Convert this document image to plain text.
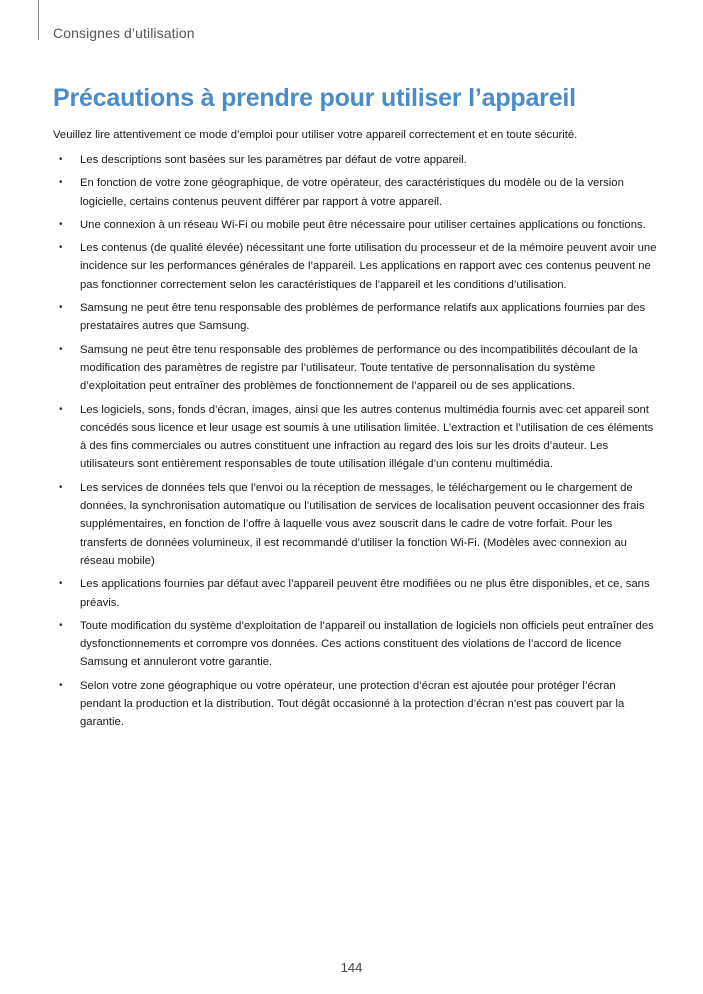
Consignes d’utilisation
Précautions à prendre pour utiliser l’appareil

Veuillez lire attentivement ce mode d’emploi pour utiliser votre appareil correctement et en toute sécurité.

• Les descriptions sont basées sur les paramètres par défaut de votre appareil.
• En fonction de votre zone géographique, de votre opérateur, des caractéristiques du modèle ou de la version logicielle, certains contenus peuvent différer par rapport à votre appareil.
• Une connexion à un réseau Wi-Fi ou mobile peut être nécessaire pour utiliser certaines applications ou fonctions.
• Les contenus (de qualité élevée) nécessitant une forte utilisation du processeur et de la mémoire peuvent avoir une incidence sur les performances générales de l’appareil. Les applications en rapport avec ces contenus peuvent ne pas fonctionner correctement selon les caractéristiques de l’appareil et les conditions d’utilisation.
• Samsung ne peut être tenu responsable des problèmes de performance relatifs aux applications fournies par des prestataires autres que Samsung.
• Samsung ne peut être tenu responsable des problèmes de performance ou des incompatibilités découlant de la modification des paramètres de registre par l’utilisateur. Toute tentative de personnalisation du système d’exploitation peut entraîner des problèmes de fonctionnement de l’appareil ou de ses applications.
• Les logiciels, sons, fonds d’écran, images, ainsi que les autres contenus multimédia fournis avec cet appareil sont concédés sous licence et leur usage est soumis à une utilisation limitée. L’extraction et l’utilisation de ces éléments à des fins commerciales ou autres constituent une infraction au regard des lois sur les droits d’auteur. Les utilisateurs sont entièrement responsables de toute utilisation illégale d’un contenu multimédia.
• Les services de données tels que l’envoi ou la réception de messages, le téléchargement ou le chargement de données, la synchronisation automatique ou l’utilisation de services de localisation peuvent occasionner des frais supplémentaires, en fonction de l’offre à laquelle vous avez souscrit dans le cadre de votre forfait. Pour les transferts de données volumineux, il est recommandé d’utiliser la fonction Wi-Fi. (Modèles avec connexion au réseau mobile)
• Les applications fournies par défaut avec l’appareil peuvent être modifiées ou ne plus être disponibles, et ce, sans préavis.
• Toute modification du système d’exploitation de l’appareil ou installation de logiciels non officiels peut entraîner des dysfonctionnements et corrompre vos données. Ces actions constituent des violations de l’accord de licence Samsung et annuleront votre garantie.
• Selon votre zone géographique ou votre opérateur, une protection d’écran est ajoutée pour protéger l’écran pendant la production et la distribution. Tout dégât occasionné à la protection d’écran n’est pas couvert par la garantie.
144
